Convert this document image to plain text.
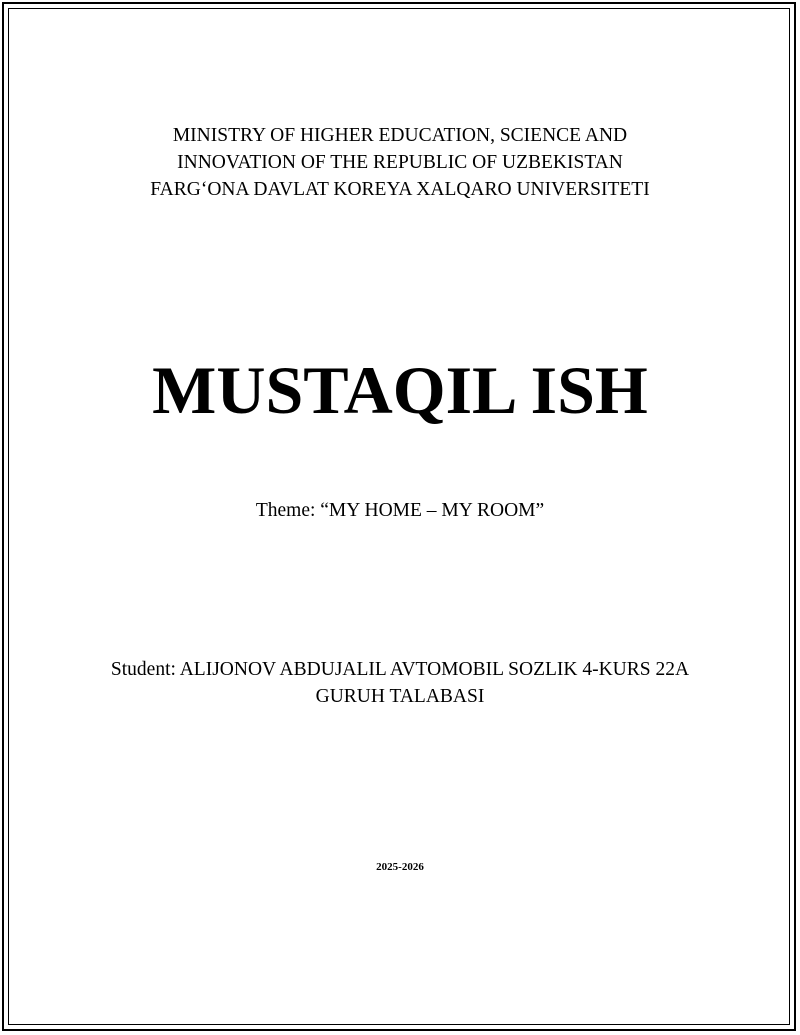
MINISTRY OF HIGHER EDUCATION, SCIENCE AND
INNOVATION OF THE REPUBLIC OF UZBEKISTAN
FARG‘ONA DAVLAT KOREYA XALQARO UNIVERSITETI
MUSTAQIL ISH
Theme: “MY HOME – MY ROOM”
Student: ALIJONOV ABDUJALIL AVTOMOBIL SOZLIK 4-KURS 22A
GURUH TALABASI
2025-2026
